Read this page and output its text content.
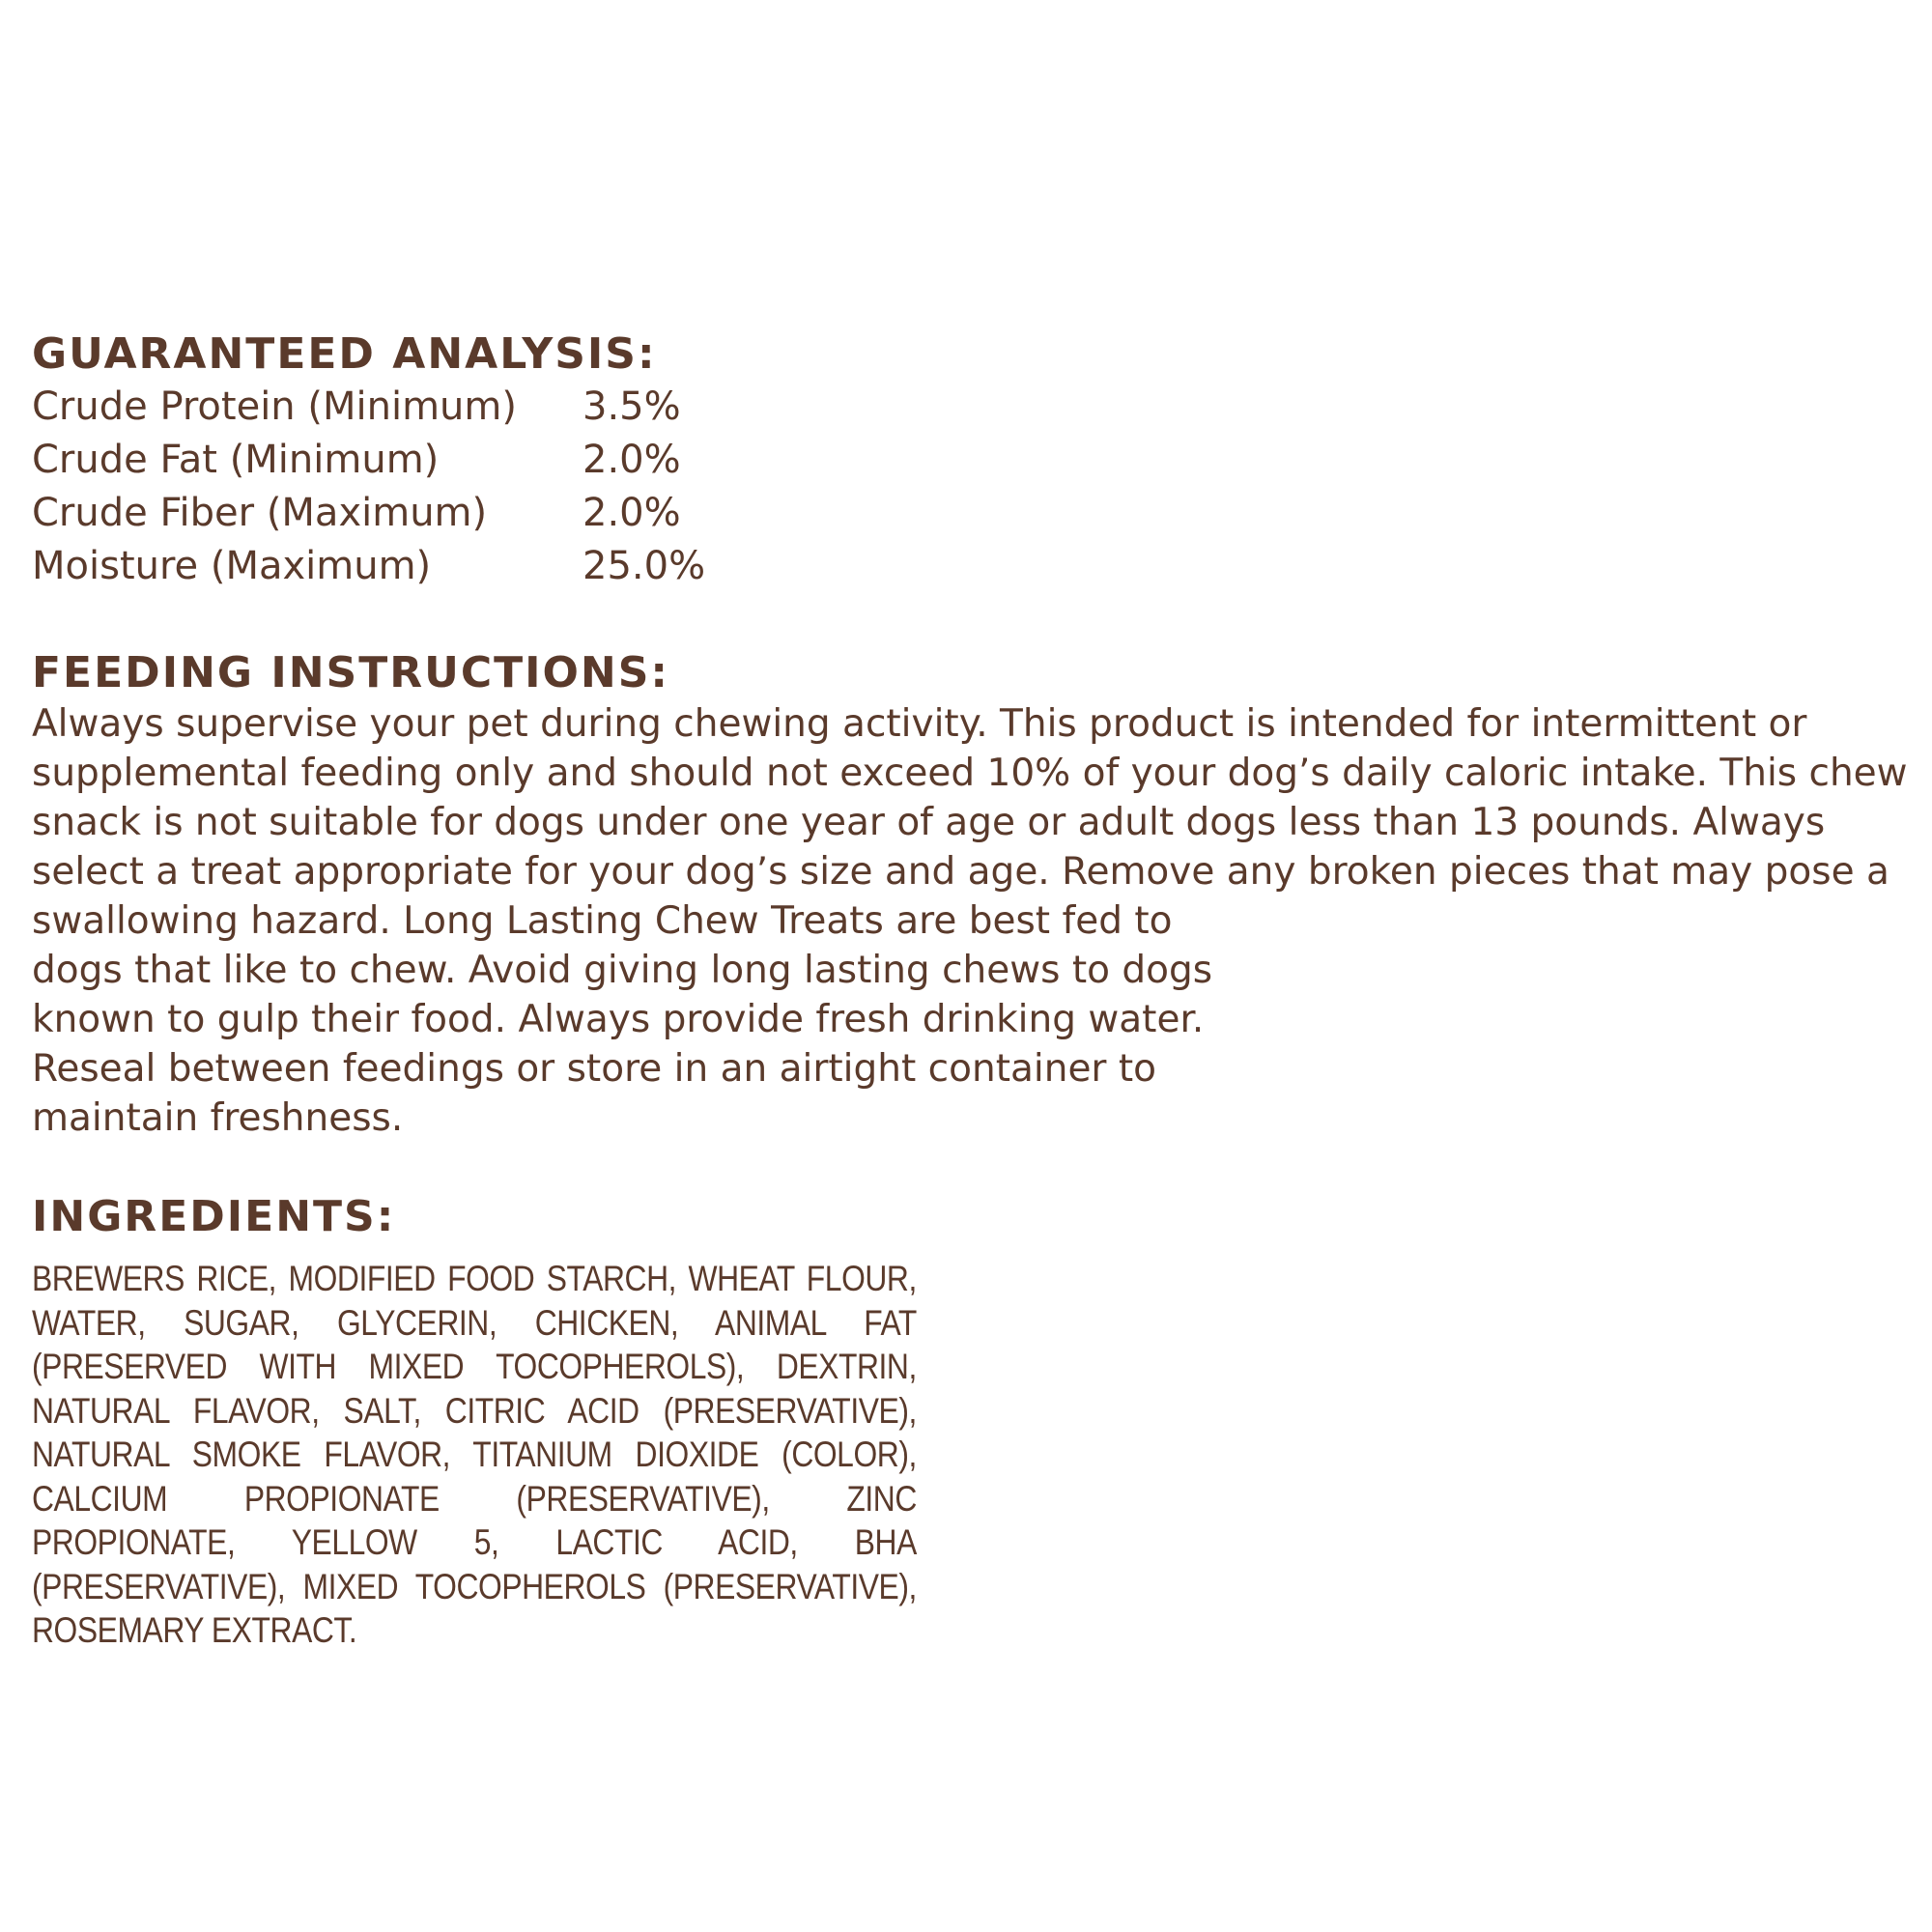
GUARANTEED ANALYSIS:
Crude Protein (Minimum)	3.5%
Crude Fat (Minimum)	2.0%
Crude Fiber (Maximum)	2.0%
Moisture (Maximum)	25.0%
FEEDING INSTRUCTIONS:

Always supervise your pet during chewing activity. This product is intended for intermittent or
supplemental feeding only and should not exceed 10% of your dog’s daily caloric intake. This chew
snack is not suitable for dogs under one year of age or adult dogs less than 13 pounds. Always
select a treat appropriate for your dog’s size and age. Remove any broken pieces that may pose a
swallowing hazard. Long Lasting Chew Treats are best fed to
dogs that like to chew. Avoid giving long lasting chews to dogs
known to gulp their food. Always provide fresh drinking water.
Reseal between feedings or store in an airtight container to
maintain freshness.

INGREDIENTS:

BREWERS RICE, MODIFIED FOOD STARCH, WHEAT FLOUR, WATER, SUGAR, GLYCERIN, CHICKEN, ANIMAL FAT (PRESERVED WITH MIXED TOCOPHEROLS), DEXTRIN, NATURAL FLAVOR, SALT, CITRIC ACID (PRESERVATIVE), NATURAL SMOKE FLAVOR, TITANIUM DIOXIDE (COLOR), CALCIUM PROPIONATE (PRESERVATIVE), ZINC PROPIONATE, YELLOW 5, LACTIC ACID, BHA (PRESERVATIVE), MIXED TOCOPHEROLS (PRESERVATIVE), ROSEMARY EXTRACT.
